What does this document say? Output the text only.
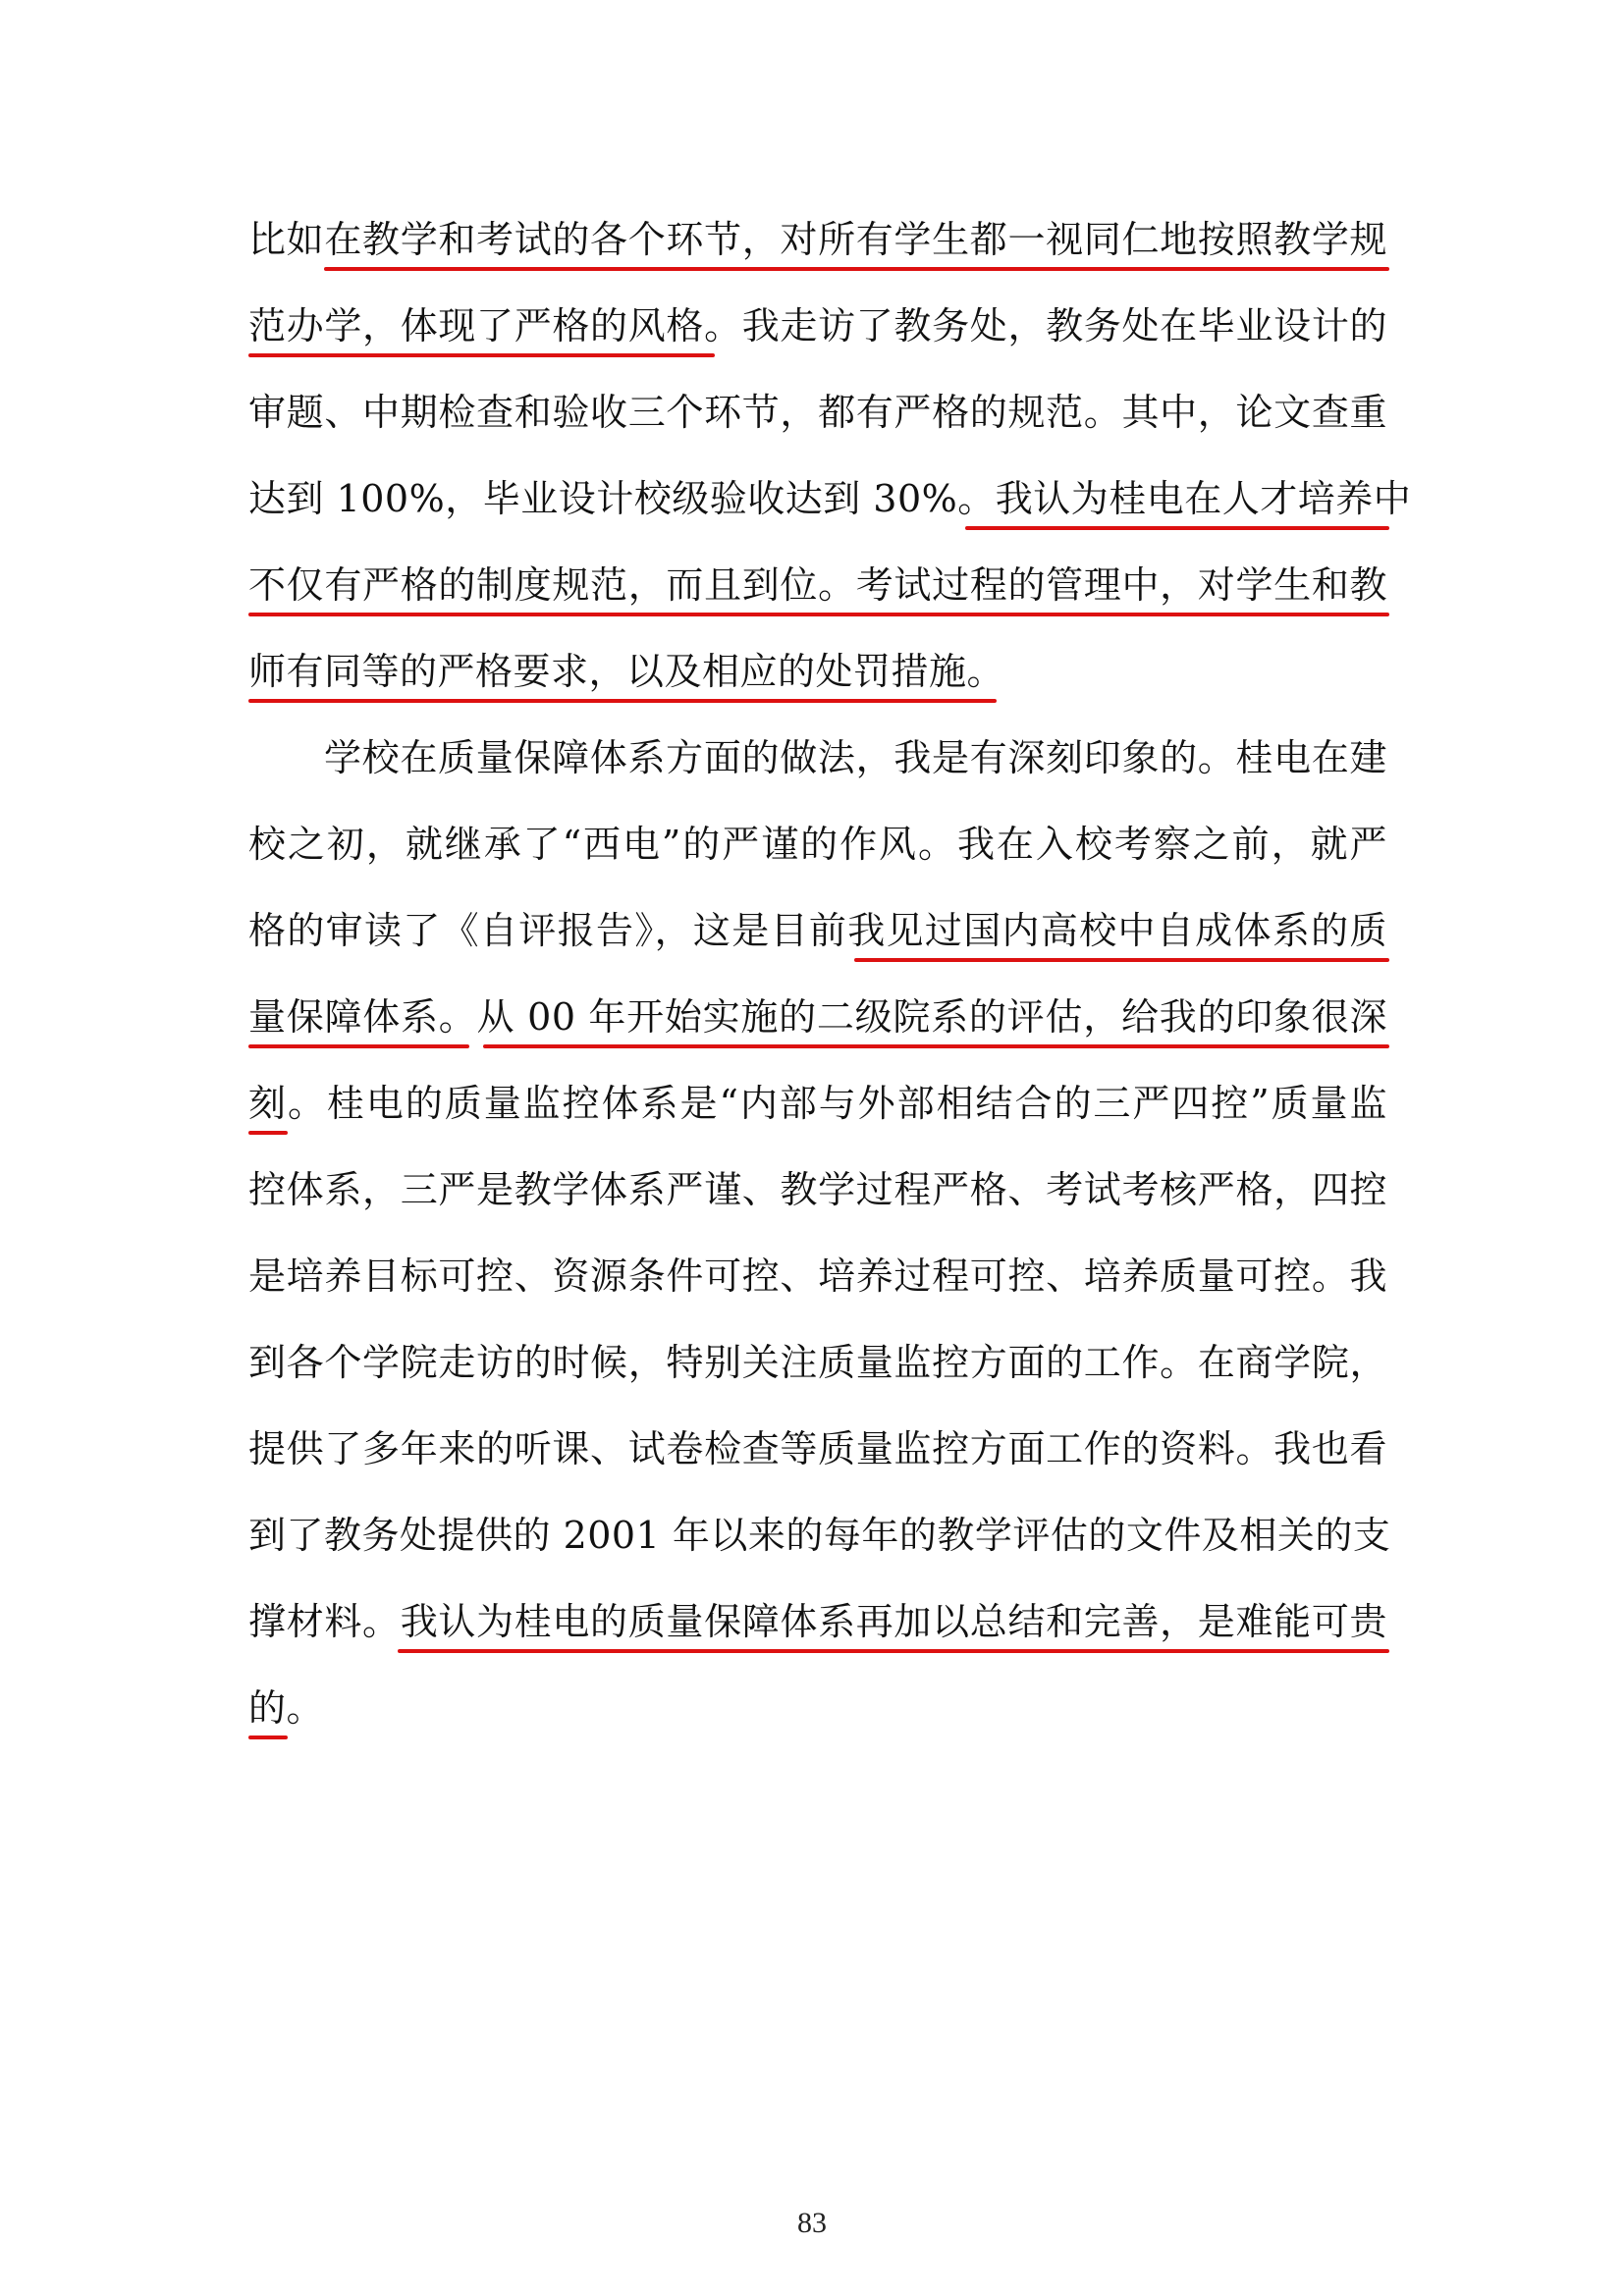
比如在教学和考试的各个环节，对所有学生都一视同仁地按照教学规
范办学，体现了严格的风格。我走访了教务处，教务处在毕业设计的
审题、中期检查和验收三个环节，都有严格的规范。其中，论文查重
达到 100%，毕业设计校级验收达到 30%。我认为桂电在人才培养中
不仅有严格的制度规范，而且到位。考试过程的管理中，对学生和教
师有同等的严格要求，以及相应的处罚措施。
学校在质量保障体系方面的做法，我是有深刻印象的。桂电在建
校之初，就继承了“西电”的严谨的作风。我在入校考察之前，就严
格的审读了《自评报告》，这是目前我见过国内高校中自成体系的质
量保障体系。从 00 年开始实施的二级院系的评估，给我的印象很深
刻。桂电的质量监控体系是“内部与外部相结合的三严四控”质量监
控体系，三严是教学体系严谨、教学过程严格、考试考核严格，四控
是培养目标可控、资源条件可控、培养过程可控、培养质量可控。我
到各个学院走访的时候，特别关注质量监控方面的工作。在商学院，
提供了多年来的听课、试卷检查等质量监控方面工作的资料。我也看
到了教务处提供的 2001 年以来的每年的教学评估的文件及相关的支
撑材料。我认为桂电的质量保障体系再加以总结和完善，是难能可贵
的。
83
